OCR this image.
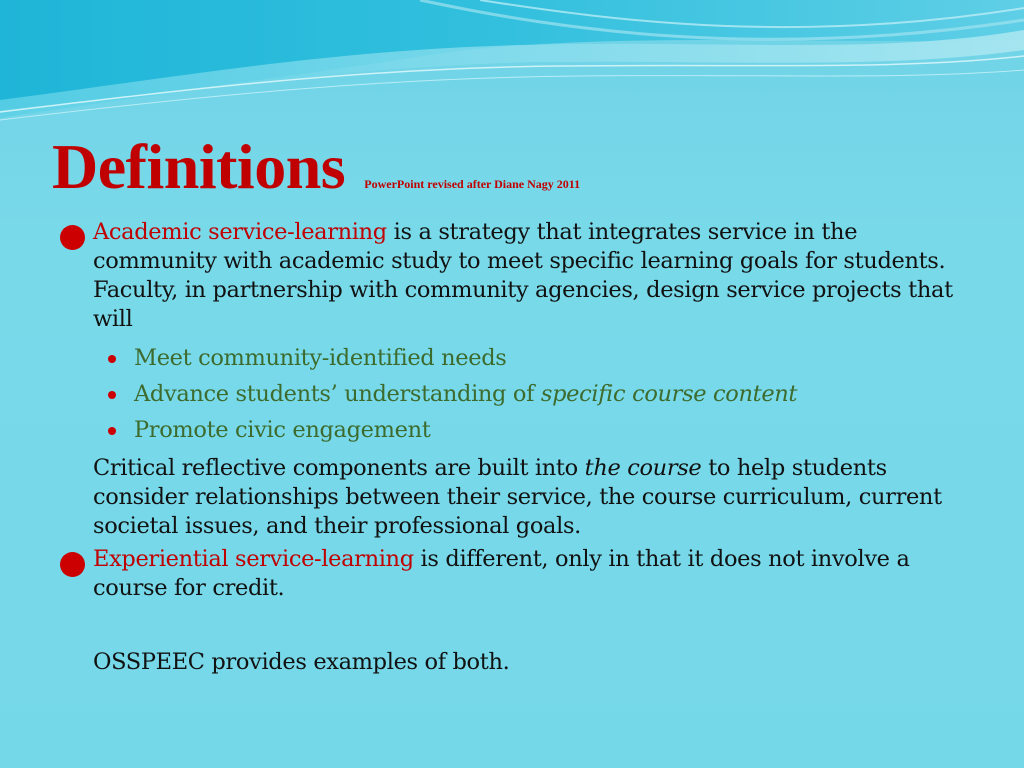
Definitions PowerPoint revised after Diane Nagy 2011
Academic service-learning is a strategy that integrates service in the community with academic study to meet specific learning goals for students. Faculty, in partnership with community agencies, design service projects that will
Meet community-identified needs
Advance students’ understanding of specific course content
Promote civic engagement
Critical reflective components are built into the course to help students consider relationships between their service, the course curriculum, current societal issues, and their professional goals.
Experiential service-learning is different, only in that it does not involve a course for credit.
OSSPEEC provides examples of both.
